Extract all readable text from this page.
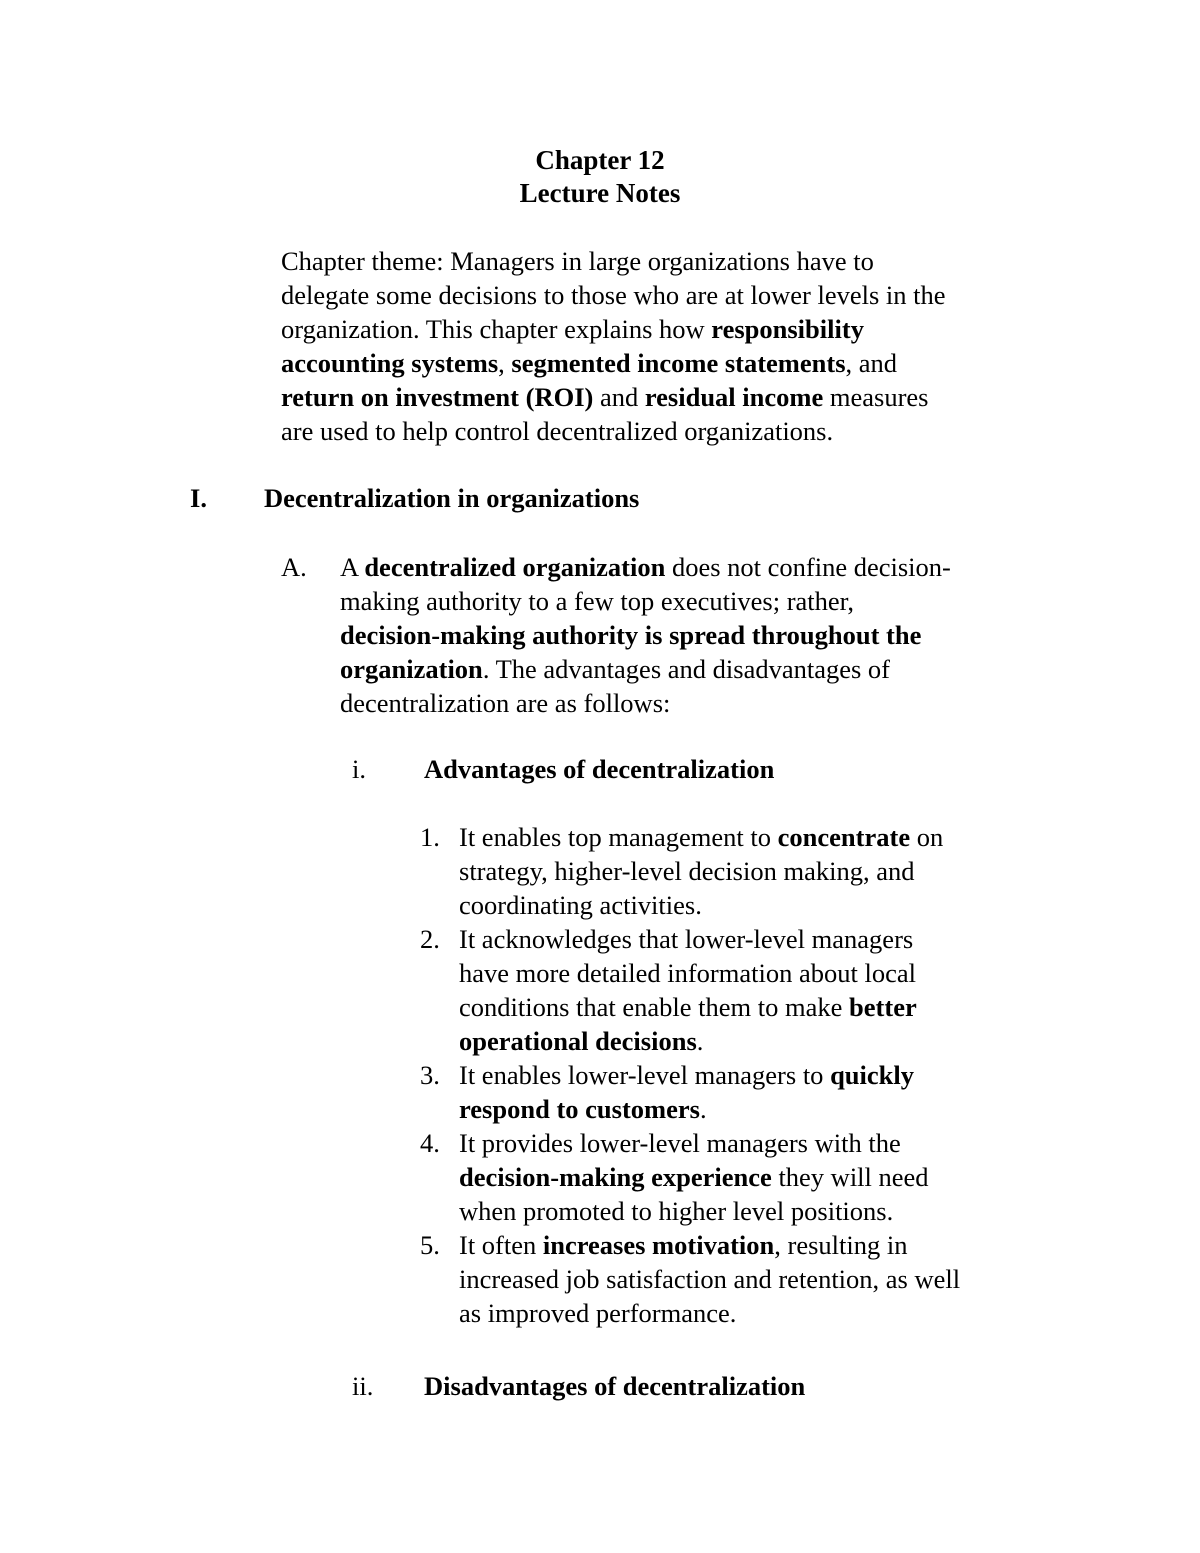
Chapter 12
Lecture Notes
Chapter theme: Managers in large organizations have to
delegate some decisions to those who are at lower levels in the
organization. This chapter explains how responsibility
accounting systems, segmented income statements, and
return on investment (ROI) and residual income measures
are used to help control decentralized organizations.
I. Decentralization in organizations
A. A decentralized organization does not confine decision-
making authority to a few top executives; rather,
decision-making authority is spread throughout the
organization. The advantages and disadvantages of
decentralization are as follows:
i. Advantages of decentralization
1. It enables top management to concentrate on
strategy, higher-level decision making, and
coordinating activities.
2. It acknowledges that lower-level managers
have more detailed information about local
conditions that enable them to make better
operational decisions.
3. It enables lower-level managers to quickly
respond to customers.
4. It provides lower-level managers with the
decision-making experience they will need
when promoted to higher level positions.
5. It often increases motivation, resulting in
increased job satisfaction and retention, as well
as improved performance.
ii. Disadvantages of decentralization
